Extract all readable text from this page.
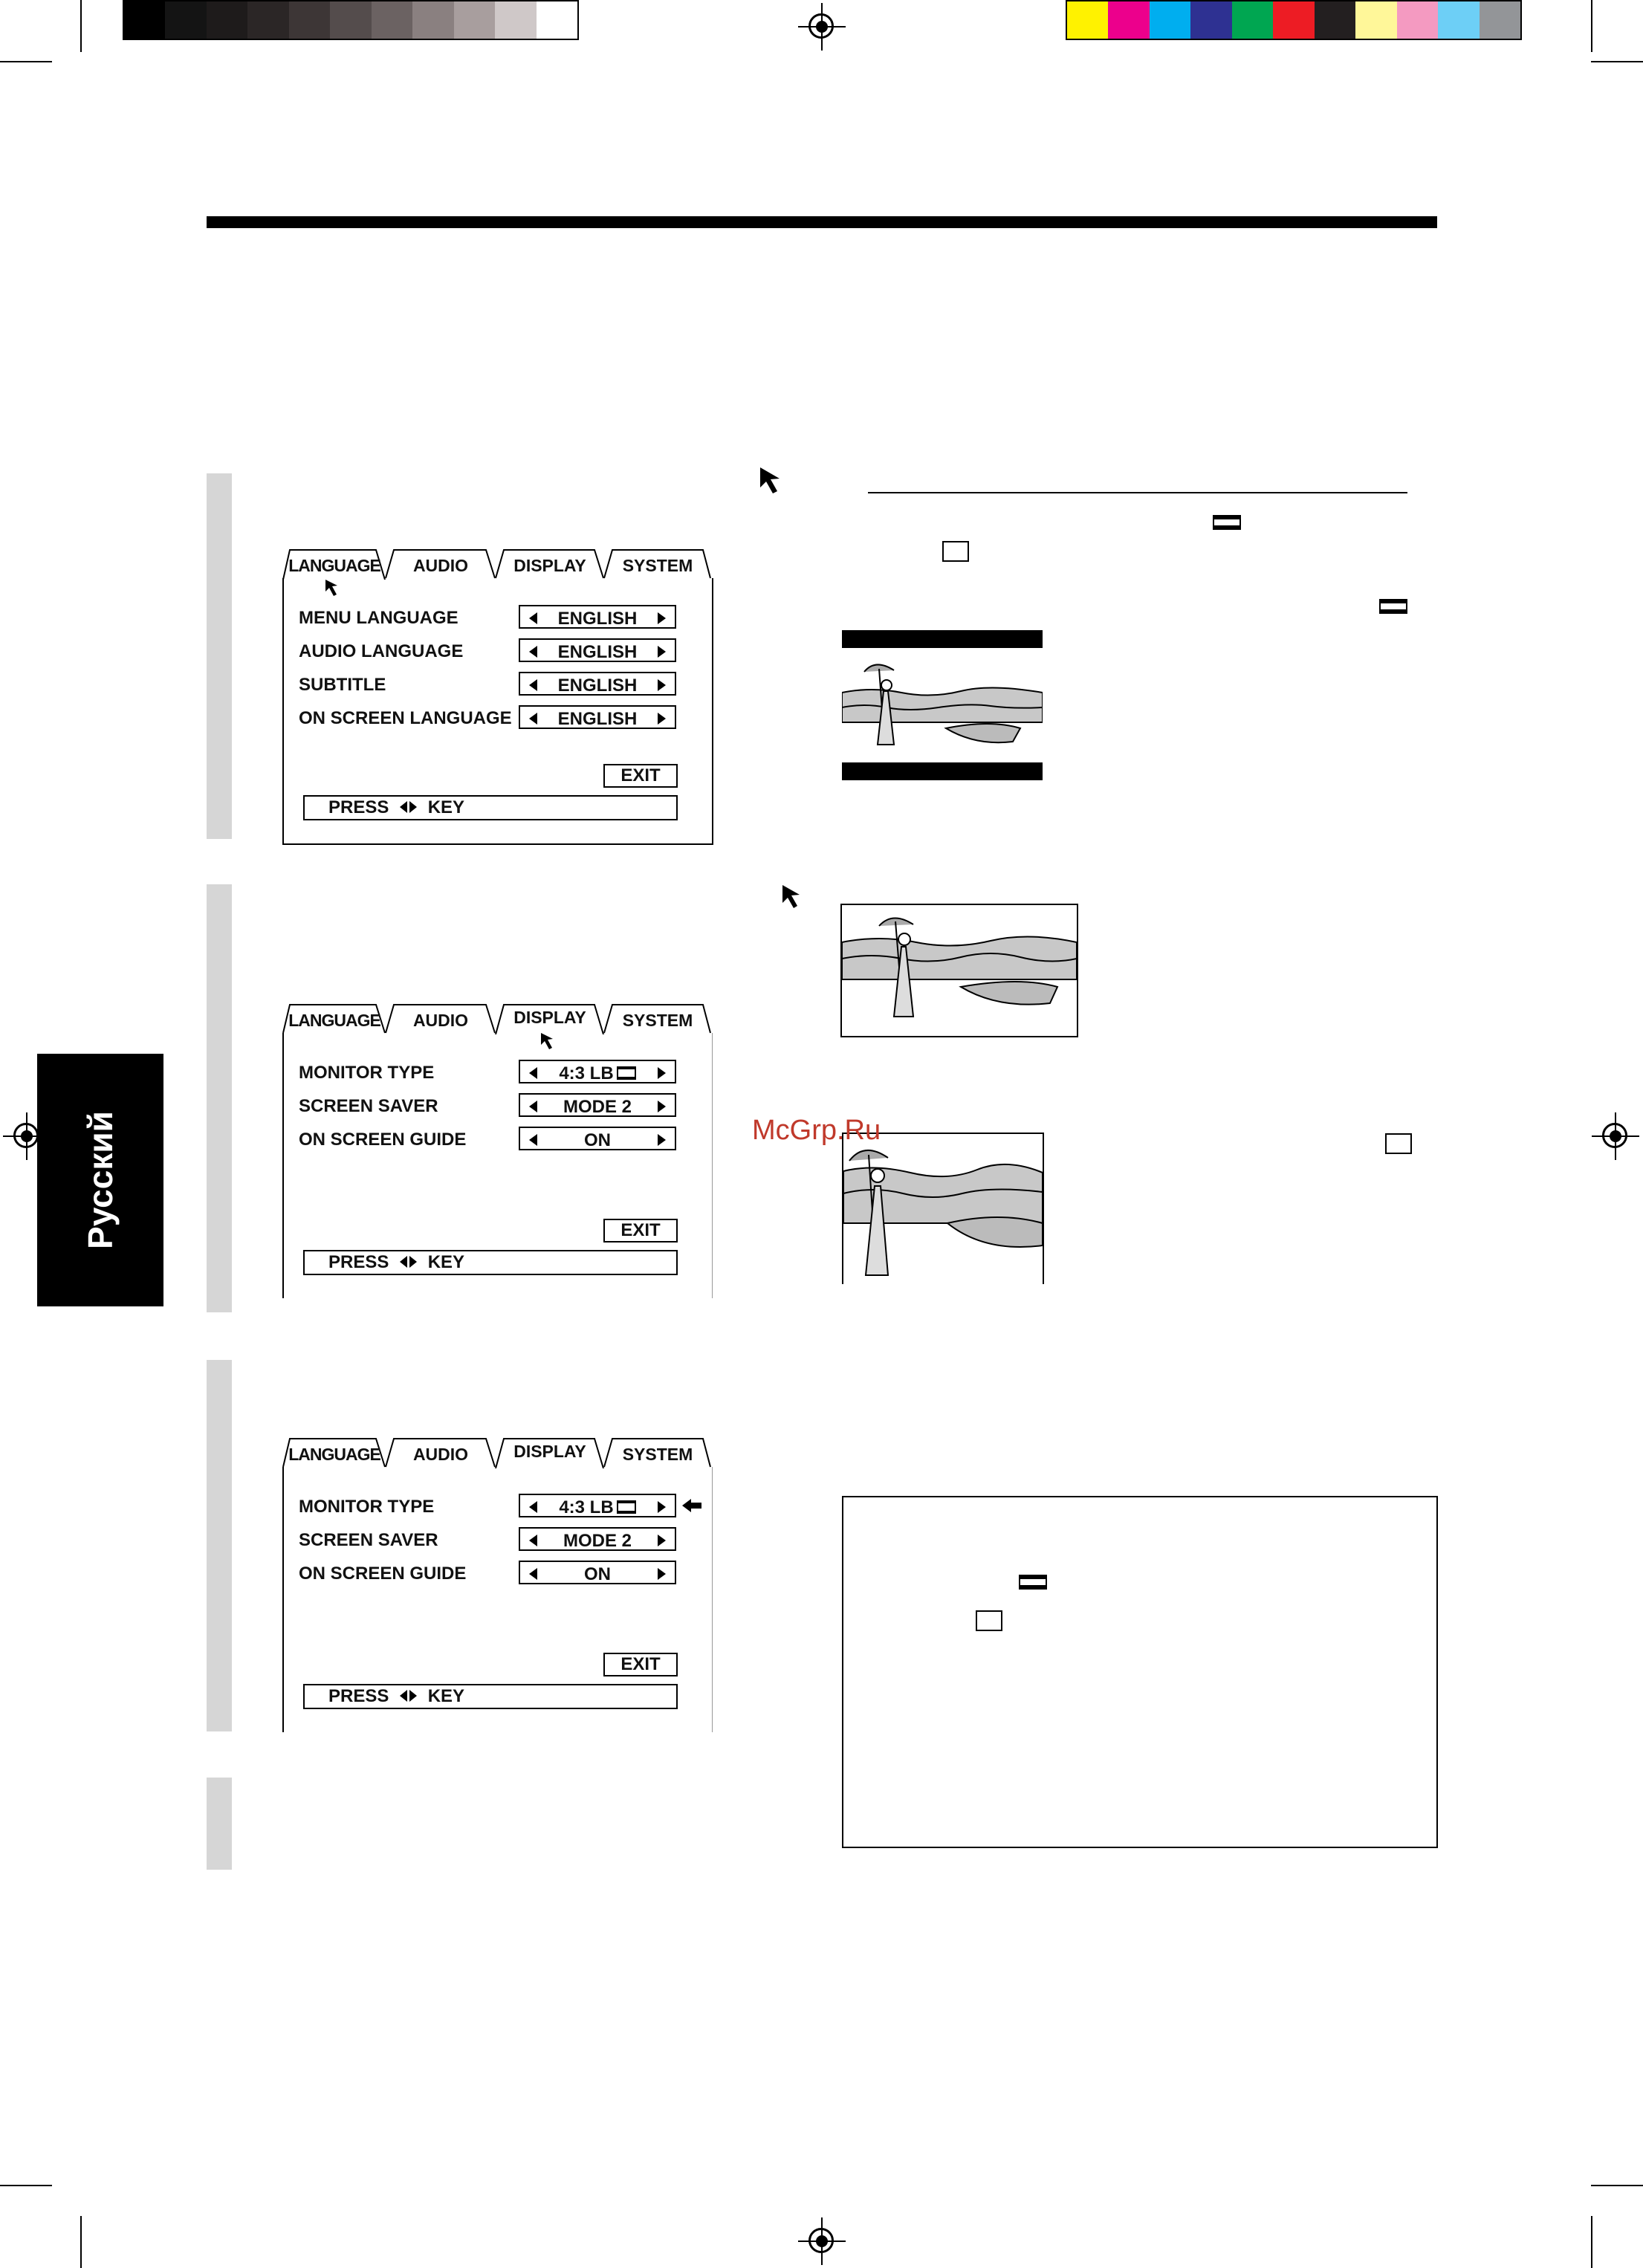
Русский
LANGUAGE	AUDIO	DISPLAY	SYSTEM
MENU LANGUAGE	ENGLISH
AUDIO LANGUAGE	ENGLISH
SUBTITLE	ENGLISH
ON SCREEN LANGUAGE	ENGLISH
EXIT
PRESS KEY
LANGUAGE	AUDIO	DISPLAY	SYSTEM
MONITOR TYPE	4:3 LB
SCREEN SAVER	MODE 2
ON SCREEN GUIDE	ON
EXIT
PRESS KEY
LANGUAGE	AUDIO	DISPLAY	SYSTEM
MONITOR TYPE	4:3 LB
SCREEN SAVER	MODE 2
ON SCREEN GUIDE	ON
EXIT
PRESS KEY
McGrp.Ru
